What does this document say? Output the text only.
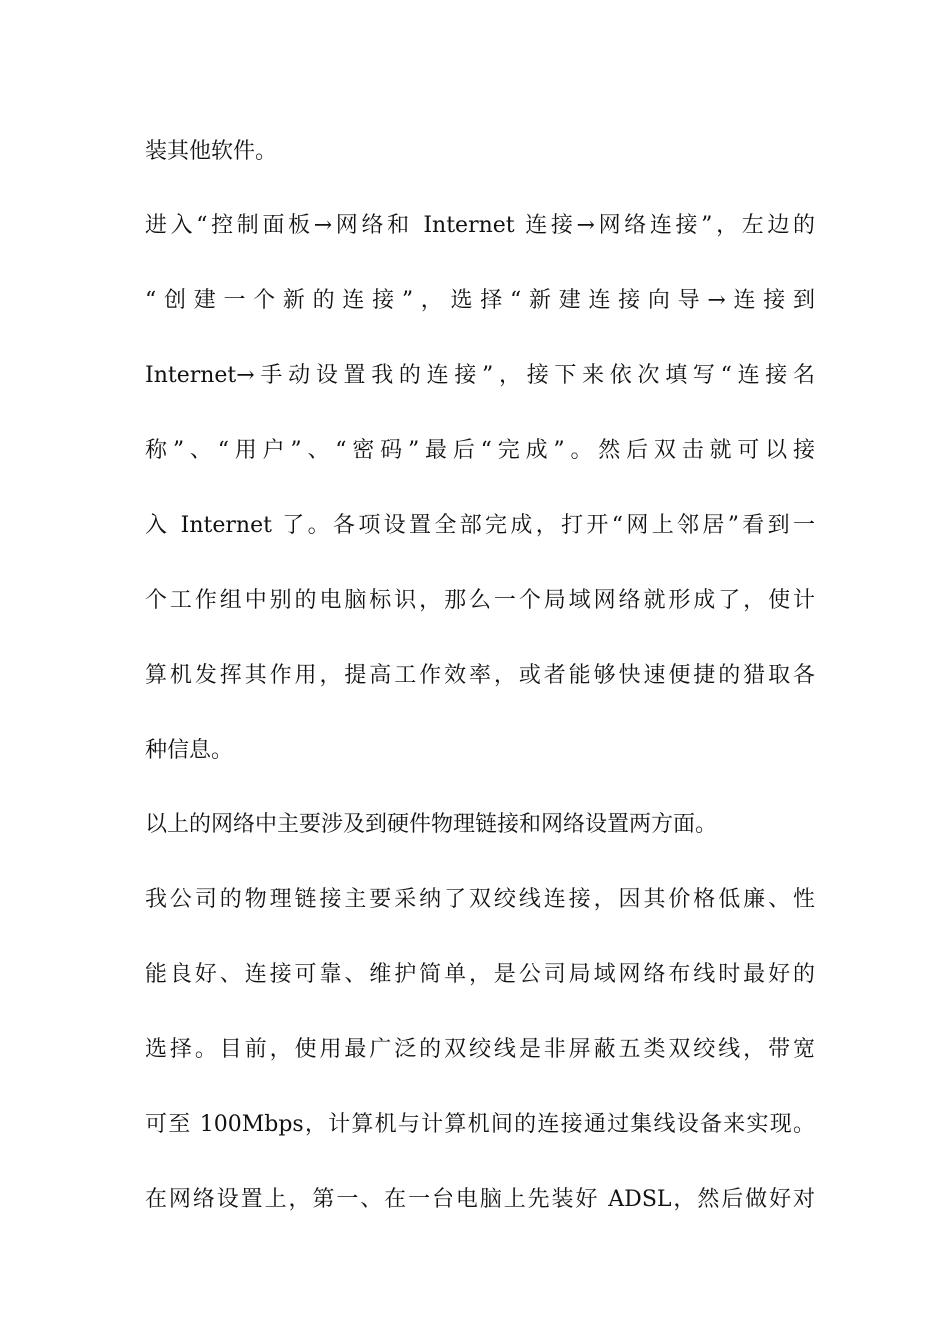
装其他软件。

进入“控制面板→网络和 Internet 连接→网络连接”，左边的

“创建一个新的连接”，选择“新建连接向导→连接到

Internet→手动设置我的连接”，接下来依次填写“连接名

称”、“用户”、“密码”最后“完成”。然后双击就可以接

入 Internet 了。各项设置全部完成，打开“网上邻居”看到一

个工作组中别的电脑标识，那么一个局域网络就形成了，使计

算机发挥其作用，提高工作效率，或者能够快速便捷的猎取各

种信息。

以上的网络中主要涉及到硬件物理链接和网络设置两方面。

我公司的物理链接主要采纳了双绞线连接，因其价格低廉、性

能良好、连接可靠、维护简单，是公司局域网络布线时最好的

选择。目前，使用最广泛的双绞线是非屏蔽五类双绞线，带宽

可至 100Mbps，计算机与计算机间的连接通过集线设备来实现。

在网络设置上，第一、在一台电脑上先装好 ADSL，然后做好对
